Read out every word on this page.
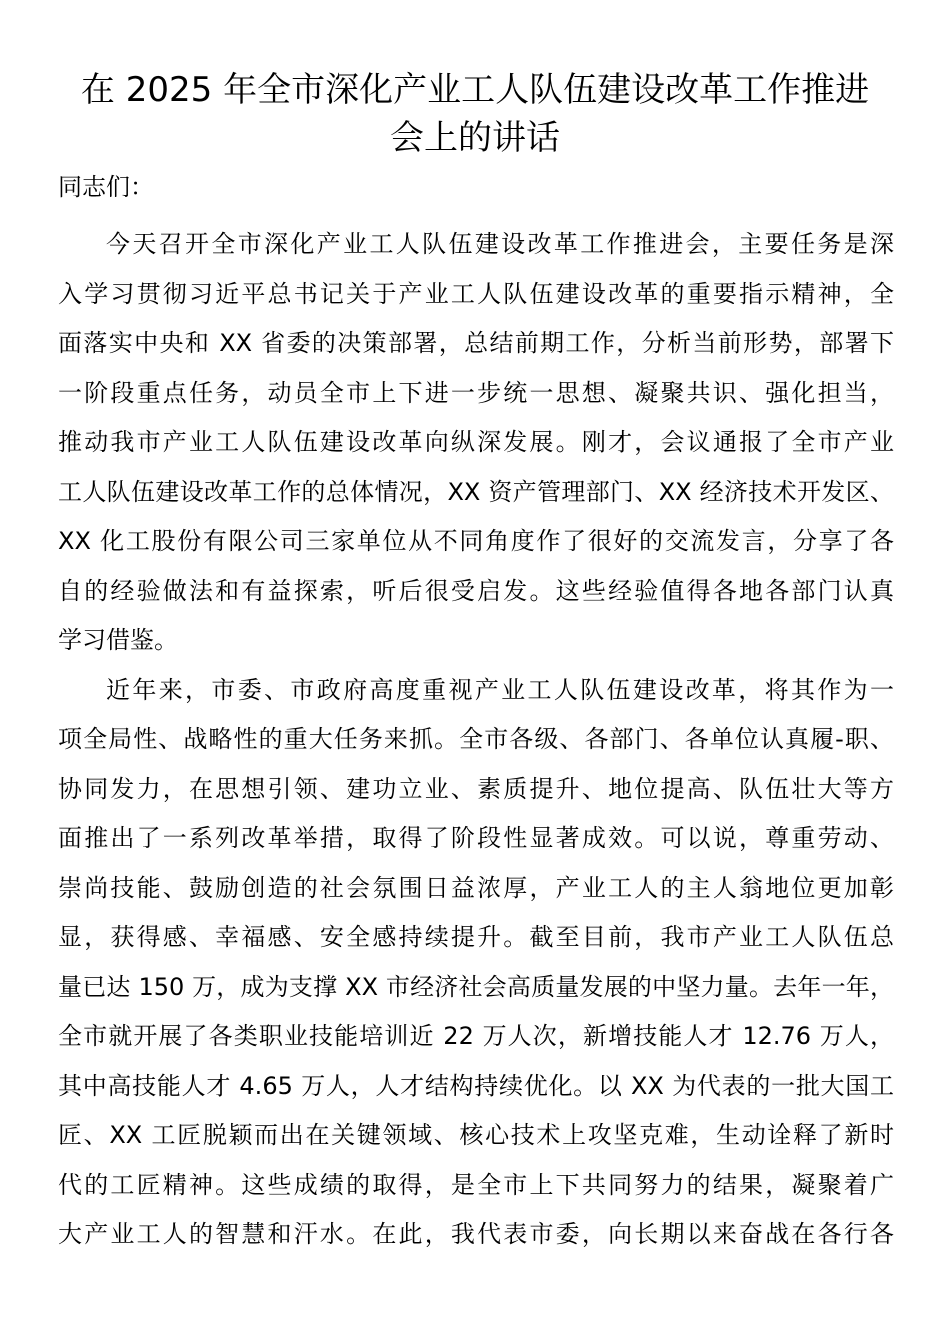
在 2025 年全市深化产业工人队伍建设改革工作推进
会上的讲话

同志们：

今天召开全市深化产业工人队伍建设改革工作推进会，主要任务是深
入学习贯彻习近平总书记关于产业工人队伍建设改革的重要指示精神，全
面落实中央和 XX 省委的决策部署，总结前期工作，分析当前形势，部署下
一阶段重点任务，动员全市上下进一步统一思想、凝聚共识、强化担当，
推动我市产业工人队伍建设改革向纵深发展。刚才，会议通报了全市产业
工人队伍建设改革工作的总体情况，XX 资产管理部门、XX 经济技术开发区、
XX 化工股份有限公司三家单位从不同角度作了很好的交流发言，分享了各
自的经验做法和有益探索，听后很受启发。这些经验值得各地各部门认真
学习借鉴。
近年来，市委、市政府高度重视产业工人队伍建设改革，将其作为一
项全局性、战略性的重大任务来抓。全市各级、各部门、各单位认真履-职、
协同发力，在思想引领、建功立业、素质提升、地位提高、队伍壮大等方
面推出了一系列改革举措，取得了阶段性显著成效。可以说，尊重劳动、
崇尚技能、鼓励创造的社会氛围日益浓厚，产业工人的主人翁地位更加彰
显，获得感、幸福感、安全感持续提升。截至目前，我市产业工人队伍总
量已达 150 万，成为支撑 XX 市经济社会高质量发展的中坚力量。去年一年，
全市就开展了各类职业技能培训近 22 万人次，新增技能人才 12.76 万人，
其中高技能人才 4.65 万人，人才结构持续优化。以 XX 为代表的一批大国工
匠、XX 工匠脱颖而出在关键领域、核心技术上攻坚克难，生动诠释了新时
代的工匠精神。这些成绩的取得，是全市上下共同努力的结果，凝聚着广
大产业工人的智慧和汗水。在此，我代表市委，向长期以来奋战在各行各
